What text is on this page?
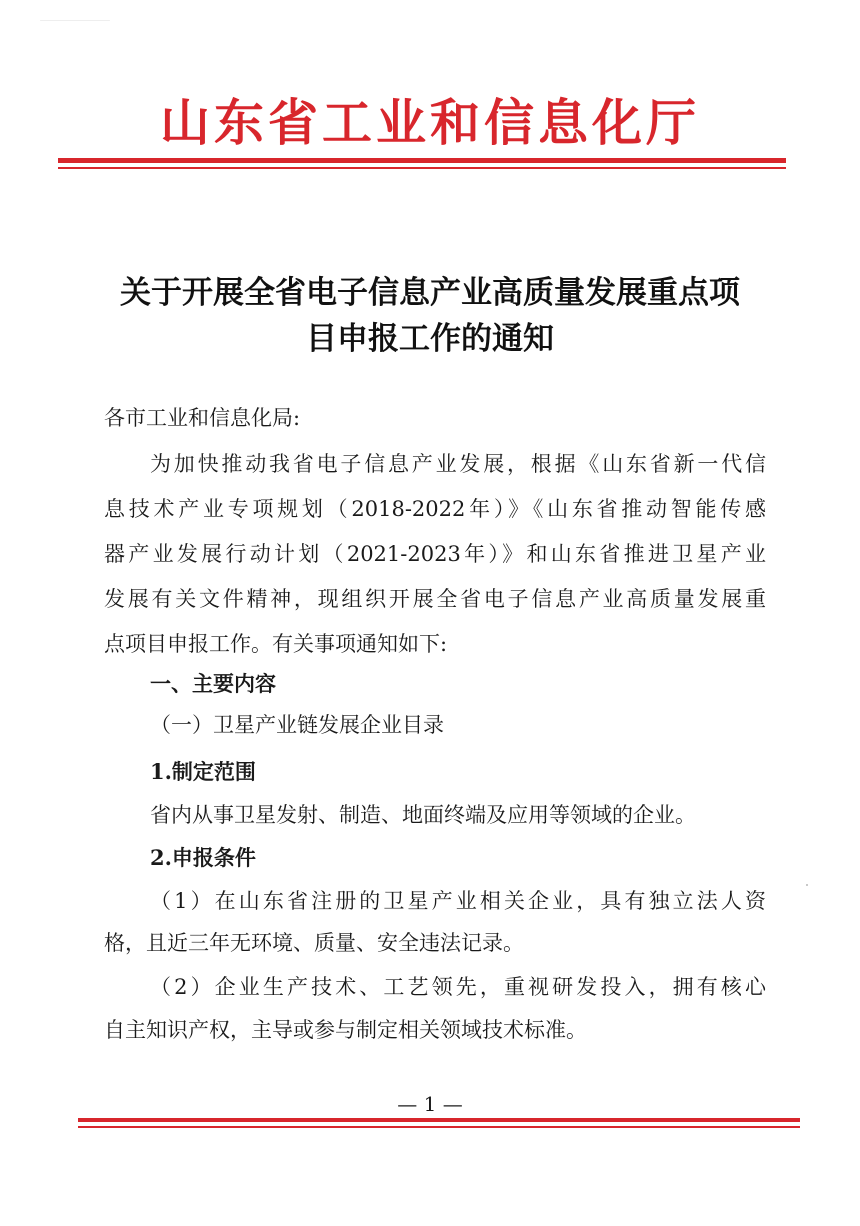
山东省工业和信息化厅
关于开展全省电子信息产业高质量发展重点项
目申报工作的通知
各市工业和信息化局:
为加快推动我省电子信息产业发展，根据《山东省新一代信
息技术产业专项规划（2018-2022年）》《山东省推动智能传感
器产业发展行动计划（2021-2023年）》和山东省推进卫星产业
发展有关文件精神，现组织开展全省电子信息产业高质量发展重
点项目申报工作。有关事项通知如下:
一、主要内容
（一）卫星产业链发展企业目录
1.制定范围
省内从事卫星发射、制造、地面终端及应用等领域的企业。
2.申报条件
（1）在山东省注册的卫星产业相关企业，具有独立法人资
格，且近三年无环境、质量、安全违法记录。
（2）企业生产技术、工艺领先，重视研发投入，拥有核心
自主知识产权，主导或参与制定相关领域技术标准。
— 1 —
